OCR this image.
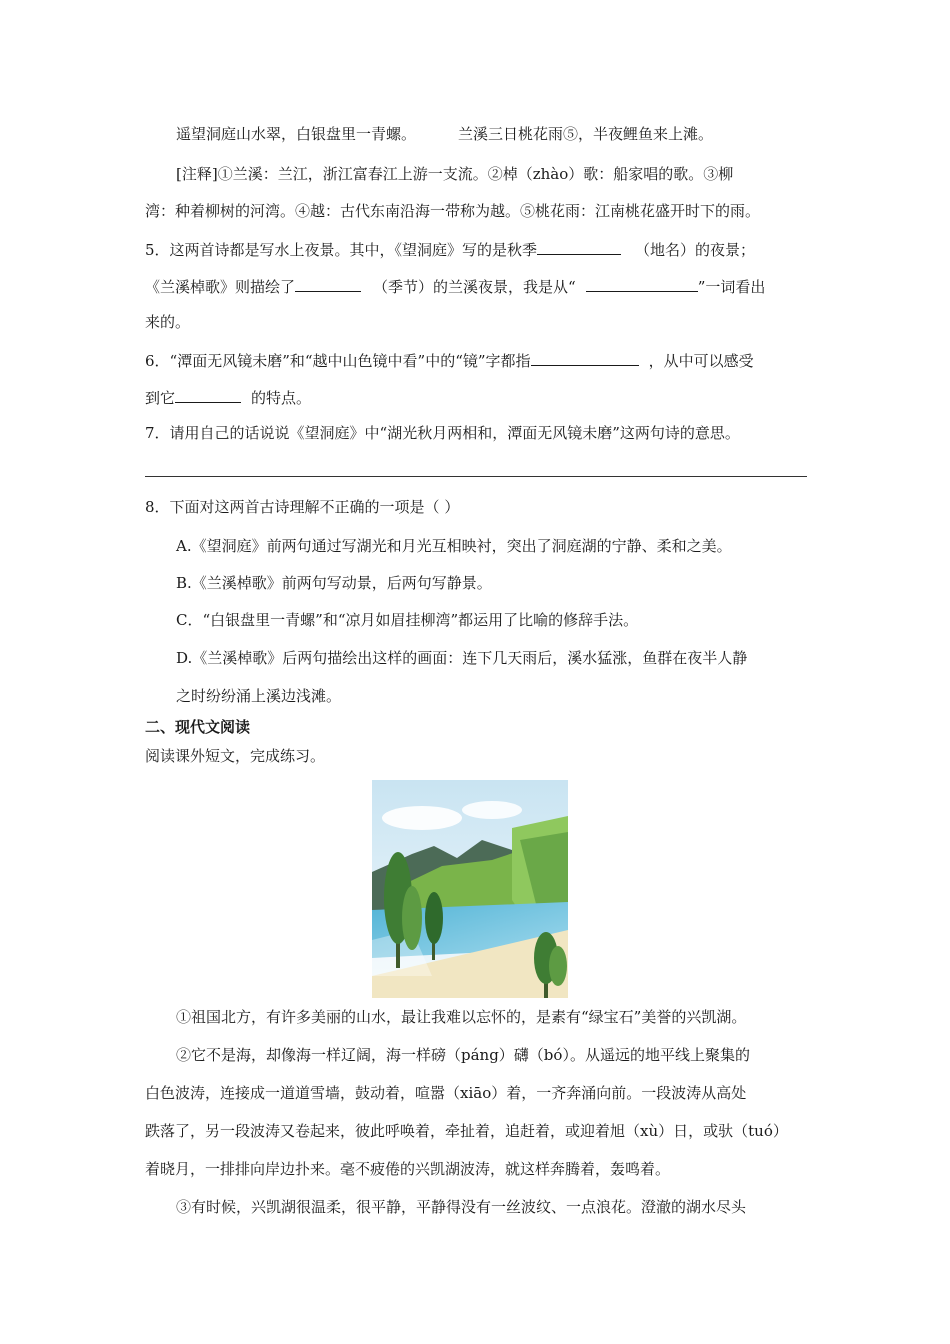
遥望洞庭山水翠，白银盘里一青螺。	兰溪三日桃花雨⑤，半夜鲤鱼来上滩。
[注释]①兰溪：兰江，浙江富春江上游一支流。②棹（zhào）歌：船家唱的歌。③柳
湾：种着柳树的河湾。④越：古代东南沿海一带称为越。⑤桃花雨：江南桃花盛开时下的雨。
5．这两首诗都是写水上夜景。其中，《望洞庭》写的是秋季	（地名）的夜景；
《兰溪棹歌》则描绘了	（季节）的兰溪夜景，我是从“	”一词看出
来的。
6．“潭面无风镜未磨”和“越中山色镜中看”中的“镜”字都指	，从中可以感受
到它	的特点。
7．请用自己的话说说《望洞庭》中“湖光秋月两相和，潭面无风镜未磨”这两句诗的意思。
8．下面对这两首古诗理解不正确的一项是（ ）
A.《望洞庭》前两句通过写湖光和月光互相映衬，突出了洞庭湖的宁静、柔和之美。
B.《兰溪棹歌》前两句写动景，后两句写静景。
C．“白银盘里一青螺”和“凉月如眉挂柳湾”都运用了比喻的修辞手法。
D.《兰溪棹歌》后两句描绘出这样的画面：连下几天雨后，溪水猛涨，鱼群在夜半人静
之时纷纷涌上溪边浅滩。
二、现代文阅读
阅读课外短文，完成练习。
①祖国北方，有许多美丽的山水，最让我难以忘怀的，是素有“绿宝石”美誉的兴凯湖。
②它不是海，却像海一样辽阔，海一样磅（páng）礴（bó）。从遥远的地平线上聚集的
白色波涛，连接成一道道雪墙，鼓动着，喧嚣（xiāo）着，一齐奔涌向前。一段波涛从高处
跌落了，另一段波涛又卷起来，彼此呼唤着，牵扯着，追赶着，或迎着旭（xù）日，或驮（tuó）
着晓月，一排排向岸边扑来。毫不疲倦的兴凯湖波涛，就这样奔腾着，轰鸣着。
③有时候，兴凯湖很温柔，很平静，平静得没有一丝波纹、一点浪花。澄澈的湖水尽头
